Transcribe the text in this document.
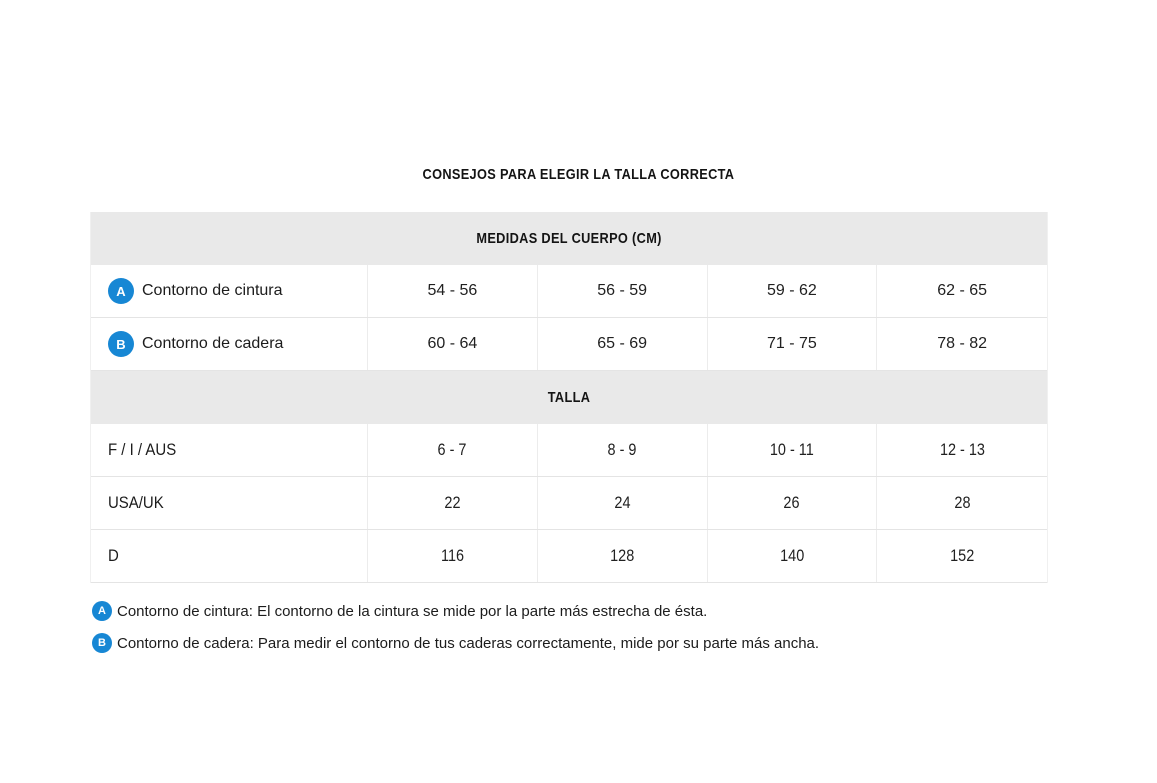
CONSEJOS PARA ELEGIR LA TALLA CORRECTA
MEDIDAS DEL CUERPO (CM)
A	Contorno de cintura	54 - 56	56 - 59	59 - 62	62 - 65
B	Contorno de cadera	60 - 64	65 - 69	71 - 75	78 - 82
TALLA
F / I / AUS	6 - 7	8 - 9	10 - 11	12 - 13
USA/UK	22	24	26	28
D	116	128	140	152
A Contorno de cintura: El contorno de la cintura se mide por la parte más estrecha de ésta.
B Contorno de cadera: Para medir el contorno de tus caderas correctamente, mide por su parte más ancha.
